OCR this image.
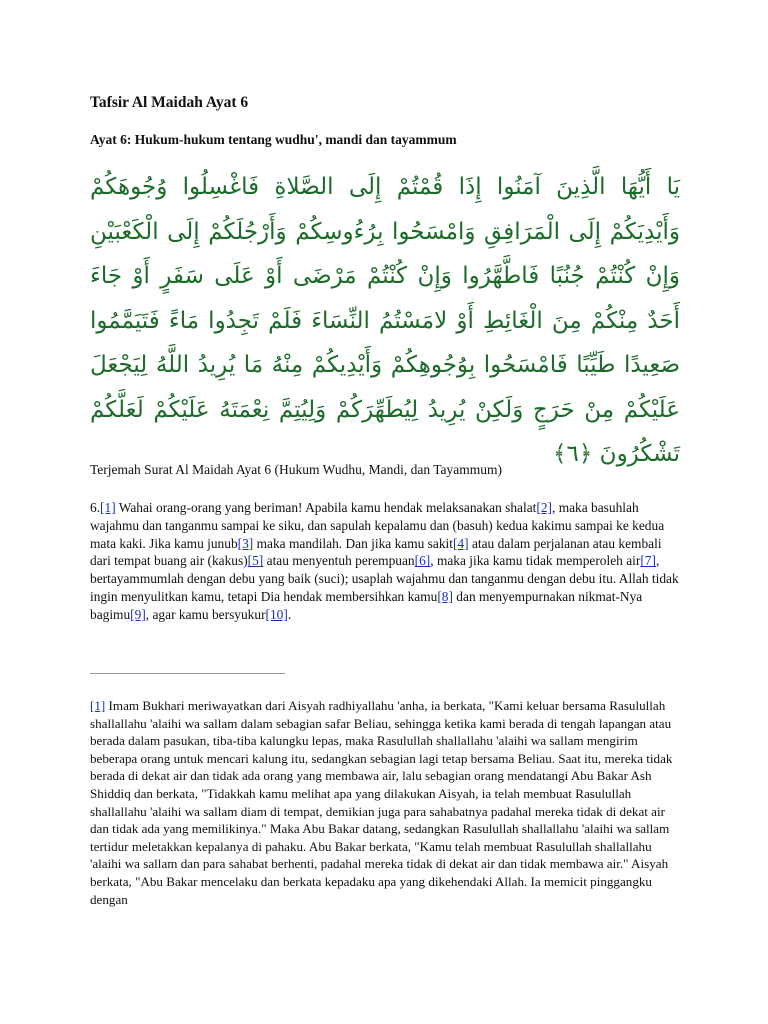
Tafsir Al Maidah Ayat 6
Ayat 6: Hukum-hukum tentang wudhu', mandi dan tayammum

يَا أَيُّهَا الَّذِينَ آمَنُوا إِذَا قُمْتُمْ إِلَى الصَّلاةِ فَاغْسِلُوا وُجُوهَكُمْ وَأَيْدِيَكُمْ إِلَى الْمَرَافِقِ وَامْسَحُوا بِرُءُوسِكُمْ وَأَرْجُلَكُمْ إِلَى الْكَعْبَيْنِ وَإِنْ كُنْتُمْ جُنُبًا فَاطَّهَّرُوا وَإِنْ كُنْتُمْ مَرْضَى أَوْ عَلَى سَفَرٍ أَوْ جَاءَ أَحَدٌ مِنْكُمْ مِنَ الْغَائِطِ أَوْ لامَسْتُمُ النِّسَاءَ فَلَمْ تَجِدُوا مَاءً فَتَيَمَّمُوا صَعِيدًا طَيِّبًا فَامْسَحُوا بِوُجُوهِكُمْ وَأَيْدِيكُمْ مِنْهُ مَا يُرِيدُ اللَّهُ لِيَجْعَلَ عَلَيْكُمْ مِنْ حَرَجٍ وَلَكِنْ يُرِيدُ لِيُطَهِّرَكُمْ وَلِيُتِمَّ نِعْمَتَهُ عَلَيْكُمْ لَعَلَّكُمْ تَشْكُرُونَ ﴿٦﴾

Terjemah Surat Al Maidah Ayat 6 (Hukum Wudhu, Mandi, dan Tayammum)

6.[1] Wahai orang-orang yang beriman! Apabila kamu hendak melaksanakan shalat[2], maka basuhlah wajahmu dan tanganmu sampai ke siku, dan sapulah kepalamu dan (basuh) kedua kakimu sampai ke kedua mata kaki. Jika kamu junub[3] maka mandilah. Dan jika kamu sakit[4] atau dalam perjalanan atau kembali dari tempat buang air (kakus)[5] atau menyentuh perempuan[6], maka jika kamu tidak memperoleh air[7], bertayammumlah dengan debu yang baik (suci); usaplah wajahmu dan tanganmu dengan debu itu. Allah tidak ingin menyulitkan kamu, tetapi Dia hendak membersihkan kamu[8] dan menyempurnakan nikmat-Nya bagimu[9], agar kamu bersyukur[10].

[1] Imam Bukhari meriwayatkan dari Aisyah radhiyallahu 'anha, ia berkata, "Kami keluar bersama Rasulullah shallallahu 'alaihi wa sallam dalam sebagian safar Beliau, sehingga ketika kami berada di tengah lapangan atau berada dalam pasukan, tiba-tiba kalungku lepas, maka Rasulullah shallallahu 'alaihi wa sallam mengirim beberapa orang untuk mencari kalung itu, sedangkan sebagian lagi tetap bersama Beliau. Saat itu, mereka tidak berada di dekat air dan tidak ada orang yang membawa air, lalu sebagian orang mendatangi Abu Bakar Ash Shiddiq dan berkata, "Tidakkah kamu melihat apa yang dilakukan Aisyah, ia telah membuat Rasulullah shallallahu 'alaihi wa sallam diam di tempat, demikian juga para sahabatnya padahal mereka tidak di dekat air dan tidak ada yang memilikinya." Maka Abu Bakar datang, sedangkan Rasulullah shallallahu 'alaihi wa sallam tertidur meletakkan kepalanya di pahaku. Abu Bakar berkata, "Kamu telah membuat Rasulullah shallallahu 'alaihi wa sallam dan para sahabat berhenti, padahal mereka tidak di dekat air dan tidak membawa air." Aisyah berkata, "Abu Bakar mencelaku dan berkata kepadaku apa yang dikehendaki Allah. Ia memicit pinggangku dengan
